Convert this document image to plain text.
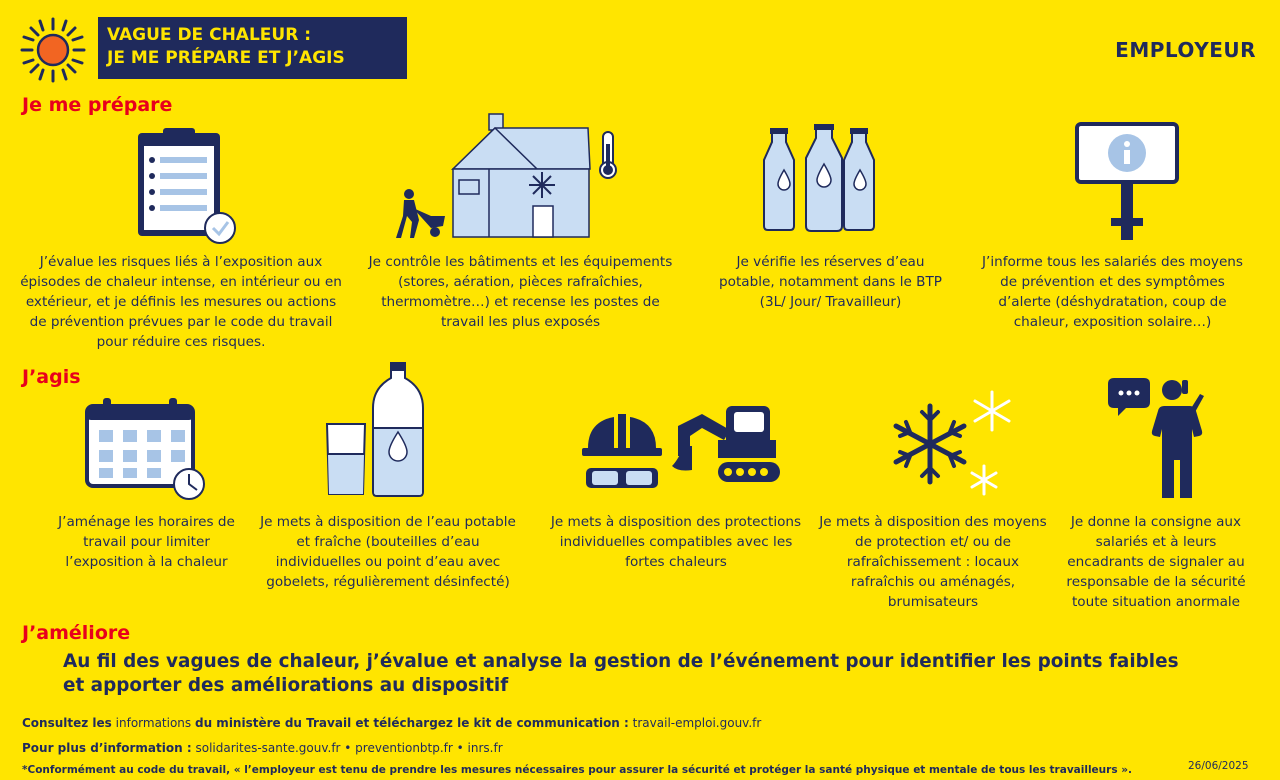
VAGUE DE CHALEUR :
JE ME PRÉPARE ET J’AGIS	EMPLOYEUR
Je me prépare
J’évalue les risques liés à l’exposition aux épisodes de chaleur intense, en intérieur ou en extérieur, et je définis les mesures ou actions de prévention prévues par le code du travail pour réduire ces risques.
Je contrôle les bâtiments et les équipements (stores, aération, pièces rafraîchies, thermomètre…) et recense les postes de travail les plus exposés
Je vérifie les réserves d’eau potable, notamment dans le BTP (3L/ Jour/ Travailleur)
J’informe tous les salariés des moyens de prévention et des symptômes d’alerte (déshydratation, coup de chaleur, exposition solaire…)
J’agis
J’aménage les horaires de travail pour limiter l’exposition à la chaleur
Je mets à disposition de l’eau potable et fraîche (bouteilles d’eau individuelles ou point d’eau avec gobelets, régulièrement désinfecté)
Je mets à disposition des protections individuelles compatibles avec les fortes chaleurs
Je mets à disposition des moyens de protection et/ ou de rafraîchissement : locaux rafraîchis ou aménagés, brumisateurs
Je donne la consigne aux salariés et à leurs encadrants de signaler au responsable de la sécurité toute situation anormale
J’améliore
Au fil des vagues de chaleur, j’évalue et analyse la gestion de l’événement pour identifier les points faibles et apporter des améliorations au dispositif
Consultez les informations du ministère du Travail et téléchargez le kit de communication : travail-emploi.gouv.fr
Pour plus d’information : solidarites-sante.gouv.fr • preventionbtp.fr • inrs.fr
*Conformément au code du travail, « l’employeur est tenu de prendre les mesures nécessaires pour assurer la sécurité et protéger la santé physique et mentale de tous les travailleurs ».	26/06/2025
